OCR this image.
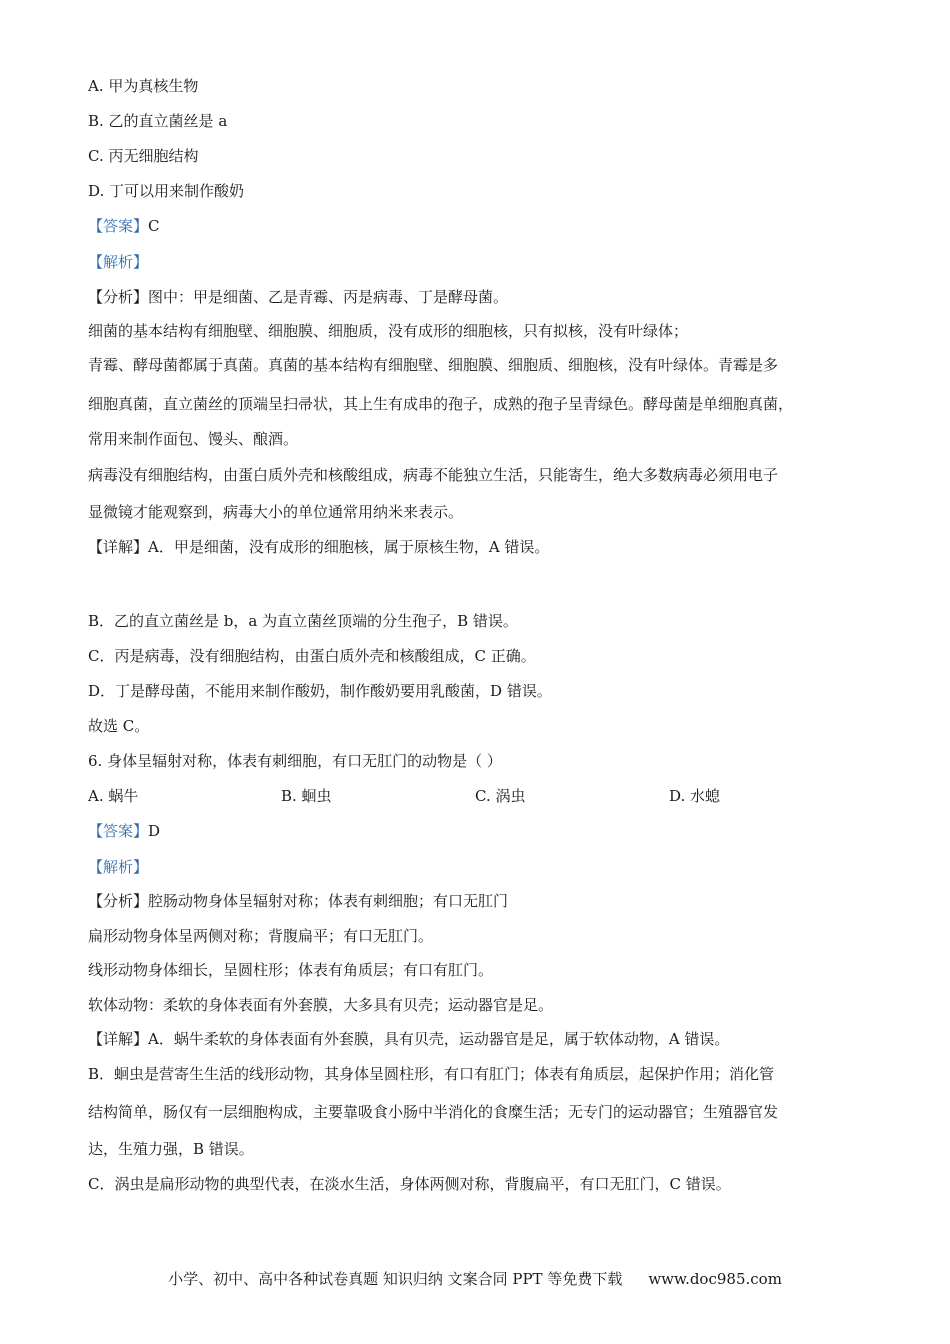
A. 甲为真核生物
B. 乙的直立菌丝是 a
C. 丙无细胞结构
D. 丁可以用来制作酸奶
【答案】C
【解析】
【分析】图中：甲是细菌、乙是青霉、丙是病毒、丁是酵母菌。
细菌的基本结构有细胞壁、细胞膜、细胞质，没有成形的细胞核，只有拟核，没有叶绿体；
青霉、酵母菌都属于真菌。真菌的基本结构有细胞壁、细胞膜、细胞质、细胞核，没有叶绿体。青霉是多
细胞真菌，直立菌丝的顶端呈扫帚状，其上生有成串的孢子，成熟的孢子呈青绿色。酵母菌是单细胞真菌，
常用来制作面包、馒头、酿酒。
病毒没有细胞结构，由蛋白质外壳和核酸组成，病毒不能独立生活，只能寄生，绝大多数病毒必须用电子
显微镜才能观察到，病毒大小的单位通常用纳米来表示。
【详解】A．甲是细菌，没有成形的细胞核，属于原核生物，A 错误。
B．乙的直立菌丝是 b，a 为直立菌丝顶端的分生孢子，B 错误。
C．丙是病毒，没有细胞结构，由蛋白质外壳和核酸组成，C 正确。
D．丁是酵母菌，不能用来制作酸奶，制作酸奶要用乳酸菌，D 错误。
故选 C。
6. 身体呈辐射对称，体表有刺细胞，有口无肛门的动物是（ ）
A. 蜗牛	B. 蛔虫	C. 涡虫	D. 水螅
【答案】D
【解析】
【分析】腔肠动物身体呈辐射对称；体表有刺细胞；有口无肛门
扁形动物身体呈两侧对称；背腹扁平；有口无肛门。
线形动物身体细长，呈圆柱形；体表有角质层；有口有肛门。
软体动物：柔软的身体表面有外套膜，大多具有贝壳；运动器官是足。
【详解】A．蜗牛柔软的身体表面有外套膜，具有贝壳，运动器官是足，属于软体动物，A 错误。
B．蛔虫是营寄生生活的线形动物，其身体呈圆柱形，有口有肛门；体表有角质层，起保护作用；消化管
结构简单，肠仅有一层细胞构成，主要靠吸食小肠中半消化的食糜生活；无专门的运动器官；生殖器官发
达，生殖力强，B 错误。
C．涡虫是扁形动物的典型代表，在淡水生活，身体两侧对称，背腹扁平，有口无肛门，C 错误。
小学、初中、高中各种试卷真题 知识归纳 文案合同 PPT 等免费下载 www.doc985.com
